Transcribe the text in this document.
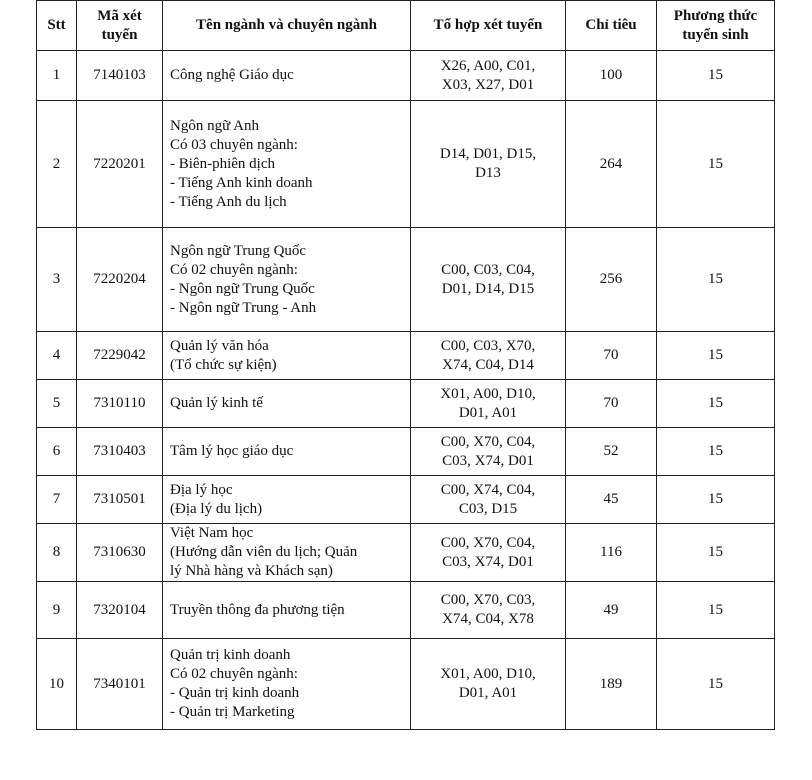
Stt	Mã xét tuyển	Tên ngành và chuyên ngành	Tổ hợp xét tuyển	Chỉ tiêu	Phương thức tuyển sinh
1	7140103	Công nghệ Giáo dục	X26, A00, C01,
X03, X27, D01	100	15
2	7220201	Ngôn ngữ Anh
Có 03 chuyên ngành:
- Biên-phiên dịch
- Tiếng Anh kinh doanh
- Tiếng Anh du lịch	D14, D01, D15,
D13	264	15
3	7220204	Ngôn ngữ Trung Quốc
Có 02 chuyên ngành:
- Ngôn ngữ Trung Quốc
- Ngôn ngữ Trung - Anh	C00, C03, C04,
D01, D14, D15	256	15
4	7229042	Quản lý văn hóa
(Tổ chức sự kiện)	C00, C03, X70,
X74, C04, D14	70	15
5	7310110	Quản lý kinh tế	X01, A00, D10,
D01, A01	70	15
6	7310403	Tâm lý học giáo dục	C00, X70, C04,
C03, X74, D01	52	15
7	7310501	Địa lý học
(Địa lý du lịch)	C00, X74, C04,
C03, D15	45	15
8	7310630	Việt Nam học
(Hướng dẫn viên du lịch; Quản
lý Nhà hàng và Khách sạn)	C00, X70, C04,
C03, X74, D01	116	15
9	7320104	Truyền thông đa phương tiện	C00, X70, C03,
X74, C04, X78	49	15
10	7340101	Quản trị kinh doanh
Có 02 chuyên ngành:
- Quản trị kinh doanh
- Quản trị Marketing	X01, A00, D10,
D01, A01	189	15
